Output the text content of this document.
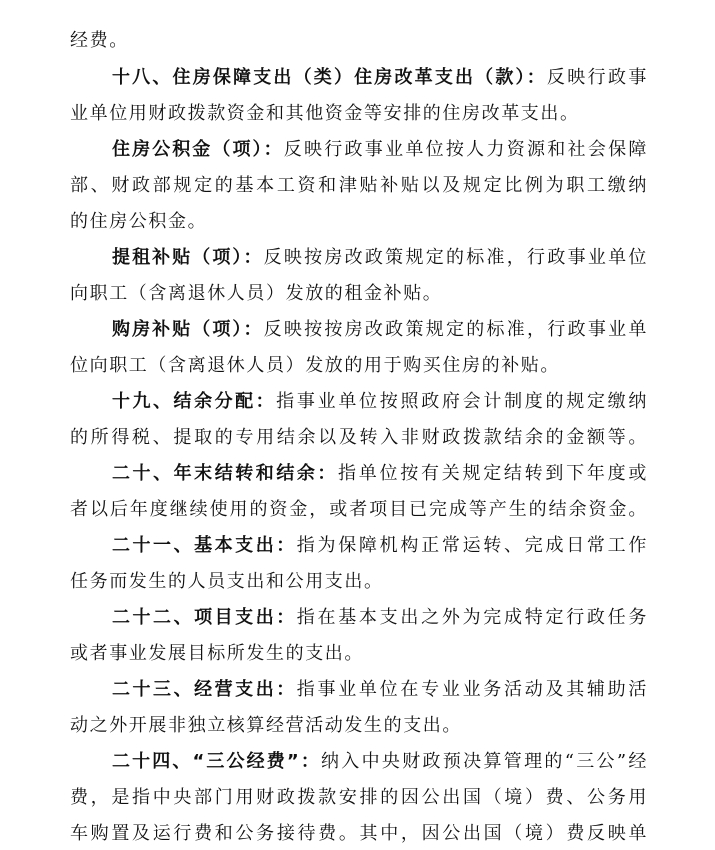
经费。
十八、住房保障支出（类）住房改革支出（款）：反映行政事
业单位用财政拨款资金和其他资金等安排的住房改革支出。
住房公积金（项）：反映行政事业单位按人力资源和社会保障
部、财政部规定的基本工资和津贴补贴以及规定比例为职工缴纳
的住房公积金。
提租补贴（项）：反映按房改政策规定的标准，行政事业单位
向职工（含离退休人员）发放的租金补贴。
购房补贴（项）：反映按按房改政策规定的标准，行政事业单
位向职工（含离退休人员）发放的用于购买住房的补贴。
十九、结余分配：指事业单位按照政府会计制度的规定缴纳
的所得税、提取的专用结余以及转入非财政拨款结余的金额等。
二十、年末结转和结余：指单位按有关规定结转到下年度或
者以后年度继续使用的资金，或者项目已完成等产生的结余资金。
二十一、基本支出：指为保障机构正常运转、完成日常工作
任务而发生的人员支出和公用支出。
二十二、项目支出：指在基本支出之外为完成特定行政任务
或者事业发展目标所发生的支出。
二十三、经营支出：指事业单位在专业业务活动及其辅助活
动之外开展非独立核算经营活动发生的支出。
二十四、“三公经费”：纳入中央财政预决算管理的“三公”经
费，是指中央部门用财政拨款安排的因公出国（境）费、公务用
车购置及运行费和公务接待费。其中，因公出国（境）费反映单
